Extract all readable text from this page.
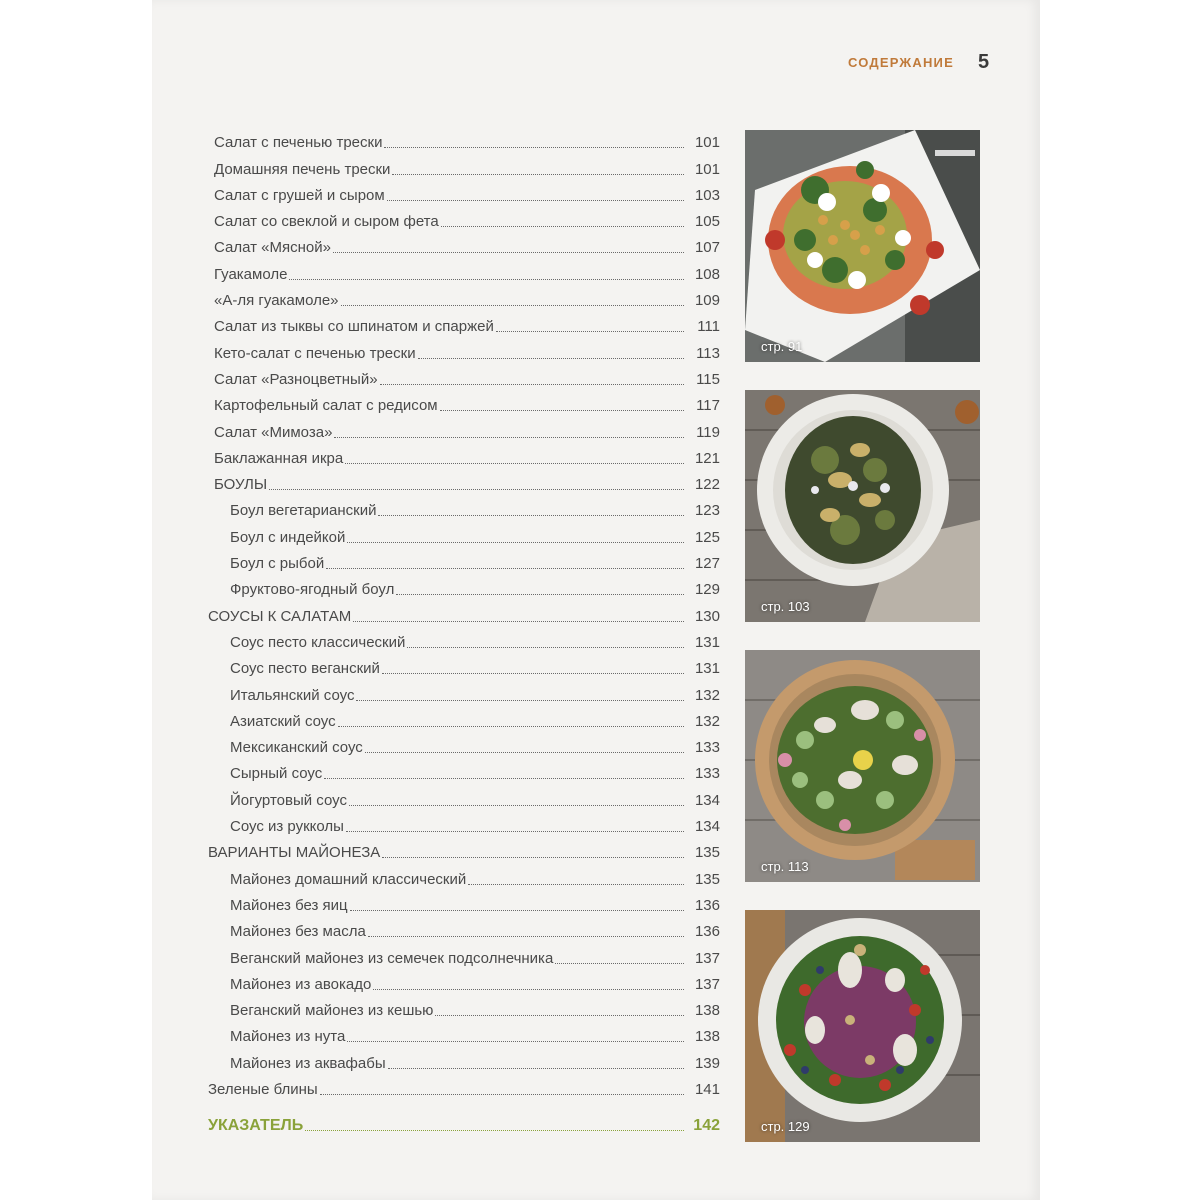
СОДЕРЖАНИЕ 5
Салат с печенью трески	101
Домашняя печень трески	101
Салат с грушей и сыром	103
Салат со свеклой и сыром фета	105
Салат «Мясной»	107
Гуакамоле	108
«А-ля гуакамоле»	109
Салат из тыквы со шпинатом и спаржей	111
Кето-салат с печенью трески	113
Салат «Разноцветный»	115
Картофельный салат с редисом	117
Салат «Мимоза»	119
Баклажанная икра	121
БОУЛЫ	122
Боул вегетарианский	123
Боул с индейкой	125
Боул с рыбой	127
Фруктово-ягодный боул	129
СОУСЫ К САЛАТАМ	130
Соус песто классический	131
Соус песто веганский	131
Итальянский соус	132
Азиатский соус	132
Мексиканский соус	133
Сырный соус	133
Йогуртовый соус	134
Соус из рукколы	134
ВАРИАНТЫ МАЙОНЕЗА	135
Майонез домашний классический	135
Майонез без яиц	136
Майонез без масла	136
Веганский майонез из семечек подсолнечника	137
Майонез из авокадо	137
Веганский майонез из кешью	138
Майонез из нута	138
Майонез из аквафабы	139
Зеленые блины	141
УКАЗАТЕЛЬ	142
стр. 91
стр. 103
стр. 113
стр. 129
